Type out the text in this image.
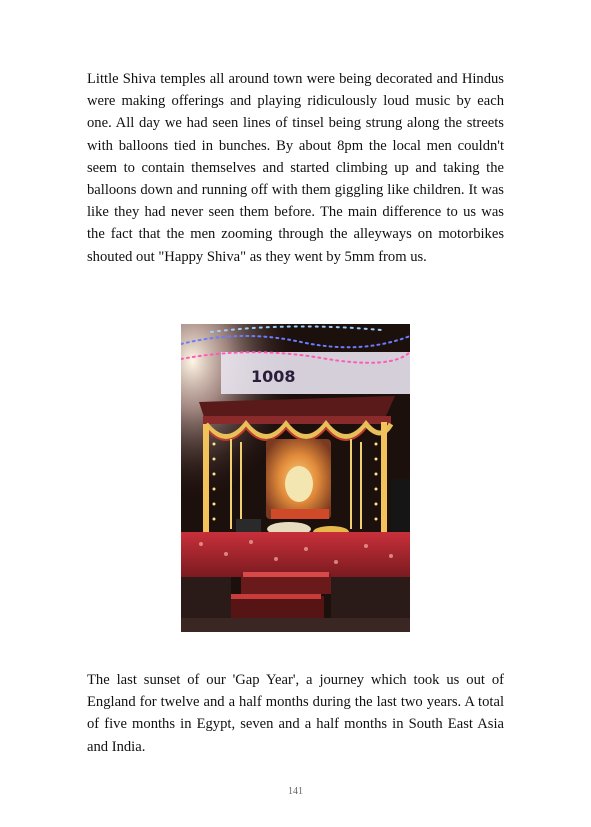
Little Shiva temples all around town were being decorated and Hindus were making offerings and playing ridiculously loud music by each one. All day we had seen lines of tinsel being strung along the streets with balloons tied in bunches. By about 8pm the local men couldn't seem to contain themselves and started climbing up and taking the balloons down and running off with them giggling like children. It was like they had never seen them before. The main difference to us was the fact that the men zooming through the alleyways on motorbikes shouted out "Happy Shiva" as they went by 5mm from us.

1008

The last sunset of our 'Gap Year', a journey which took us out of England for twelve and a half months during the last two years. A total of five months in Egypt, seven and a half months in South East Asia and India.

141
